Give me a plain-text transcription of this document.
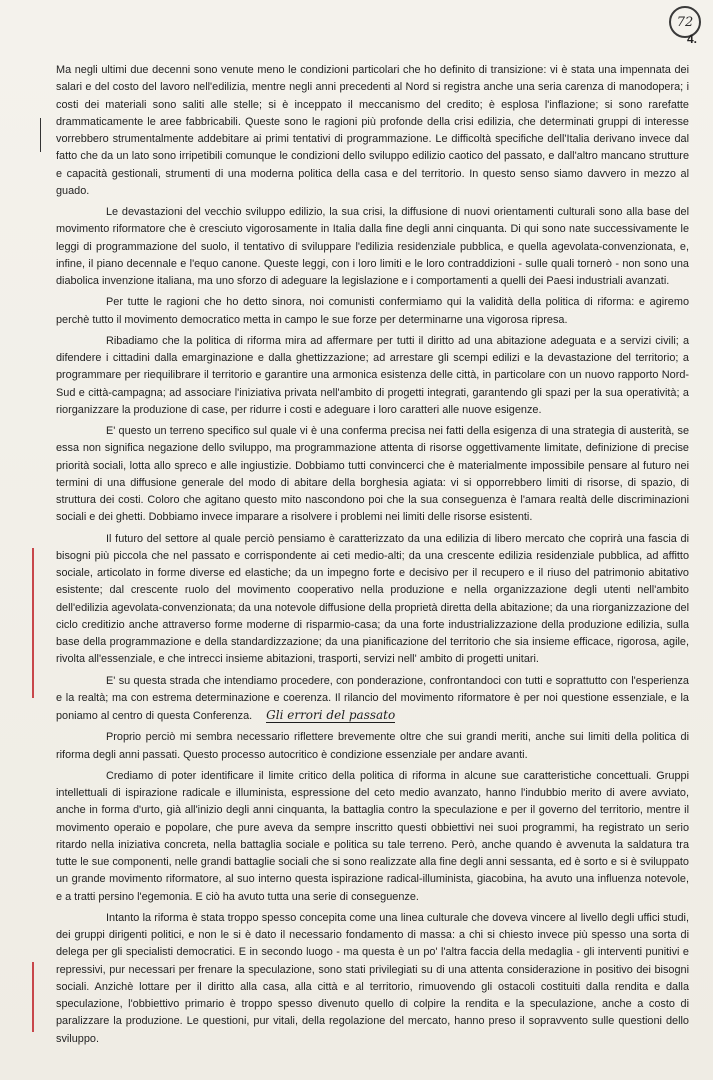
72
4.

Ma negli ultimi due decenni sono venute meno le condizioni particolari che ho definito di transizione: vi è stata una impennata dei salari e del costo del lavoro nell'edilizia, mentre negli anni precedenti al Nord si registra anche una seria carenza di manodopera; i costi dei materiali sono saliti alle stelle; si è inceppato il meccanismo del credito; è esplosa l'inflazione; si sono rarefatte drammaticamente le aree fabbricabili. Queste sono le ragioni più profonde della crisi edilizia, che determinati gruppi di interesse vorrebbero strumentalmente addebitare ai primi tentativi di programmazione. Le difficoltà specifiche dell'Italia derivano invece dal fatto che da un lato sono irripetibili comunque le condizioni dello sviluppo edilizio caotico del passato, e dall'altro mancano strutture e capacità gestionali, strumenti di una moderna politica della casa e del territorio. In questo senso siamo davvero in mezzo al guado.

Le devastazioni del vecchio sviluppo edilizio, la sua crisi, la diffusione di nuovi orientamenti culturali sono alla base del movimento riformatore che è cresciuto vigorosamente in Italia dalla fine degli anni cinquanta. Di qui sono nate successivamente le leggi di programmazione del suolo, il tentativo di sviluppare l'edilizia residenziale pubblica, e quella agevolata-convenzionata, e, infine, il piano decennale e l'equo canone. Queste leggi, con i loro limiti e le loro contraddizioni - sulle quali tornerò - non sono una diabolica invenzione italiana, ma uno sforzo di adeguare la legislazione e i comportamenti a quelli dei Paesi industriali avanzati.

Per tutte le ragioni che ho detto sinora, noi comunisti confermiamo qui la validità della politica di riforma: e agiremo perchè tutto il movimento democratico metta in campo le sue forze per determinarne una vigorosa ripresa.

Ribadiamo che la politica di riforma mira ad affermare per tutti il diritto ad una abitazione adeguata e a servizi civili; a difendere i cittadini dalla emarginazione e dalla ghettizzazione; ad arrestare gli scempi edilizi e la devastazione del territorio; a programmare per riequilibrare il territorio e garantire una armonica esistenza delle città, in particolare con un nuovo rapporto Nord-Sud e città-campagna; ad associare l'iniziativa privata nell'ambito di progetti integrati, garantendo gli spazi per la sua operatività; a riorganizzare la produzione di case, per ridurre i costi e adeguare i loro caratteri alle nuove esigenze.

E' questo un terreno specifico sul quale vi è una conferma precisa nei fatti della esigenza di una strategia di austerità, se essa non significa negazione dello sviluppo, ma programmazione attenta di risorse oggettivamente limitate, definizione di precise priorità sociali, lotta allo spreco e alle ingiustizie. Dobbiamo tutti convincerci che è materialmente impossibile pensare al futuro nei termini di una diffusione generale del modo di abitare della borghesia agiata: vi si opporrebbero limiti di risorse, di spazio, di struttura dei costi. Coloro che agitano questo mito nascondono poi che la sua conseguenza è l'amara realtà delle discriminazioni sociali e dei ghetti. Dobbiamo invece imparare a risolvere i problemi nei limiti delle risorse esistenti.

Il futuro del settore al quale perciò pensiamo è caratterizzato da una edilizia di libero mercato che coprirà una fascia di bisogni più piccola che nel passato e corrispondente ai ceti medio-alti; da una crescente edilizia residenziale pubblica, ad affitto sociale, articolato in forme diverse ed elastiche; da un impegno forte e decisivo per il recupero e il riuso del patrimonio abitativo esistente; dal crescente ruolo del movimento cooperativo nella produzione e nella organizzazione degli utenti nell'ambito dell'edilizia agevolata-convenzionata; da una notevole diffusione della proprietà diretta della abitazione; da una riorganizzazione del ciclo creditizio anche attraverso forme moderne di risparmio-casa; da una forte industrializzazione della produzione edilizia, sulla base della programmazione e della standardizzazione; da una pianificazione del territorio che sia insieme efficace, rigorosa, agile, rivolta all'essenziale, e che intrecci insieme abitazioni, trasporti, servizi nell' ambito di progetti unitari.

E' su questa strada che intendiamo procedere, con ponderazione, confrontandoci con tutti e soprattutto con l'esperienza e la realtà; ma con estrema determinazione e coerenza. Il rilancio del movimento riformatore è per noi questione essenziale, e la poniamo al centro di questa Conferenza. Gli errori del passato

Proprio perciò mi sembra necessario riflettere brevemente oltre che sui grandi meriti, anche sui limiti della politica di riforma degli anni passati. Questo processo autocritico è condizione essenziale per andare avanti.

Crediamo di poter identificare il limite critico della politica di riforma in alcune sue caratteristiche concettuali. Gruppi intellettuali di ispirazione radicale e illuminista, espressione del ceto medio avanzato, hanno l'indubbio merito di avere avviato, anche in forma d'urto, già all'inizio degli anni cinquanta, la battaglia contro la speculazione e per il governo del territorio, mentre il movimento operaio e popolare, che pure aveva da sempre inscritto questi obbiettivi nei suoi programmi, ha registrato un serio ritardo nella iniziativa concreta, nella battaglia sociale e politica su tale terreno. Però, anche quando è avvenuta la saldatura tra tutte le sue componenti, nelle grandi battaglie sociali che si sono realizzate alla fine degli anni sessanta, ed è sorto e si è sviluppato un grande movimento riformatore, al suo interno questa ispirazione radical-illuminista, giacobina, ha avuto una influenza notevole, e a tratti persino l'egemonia. E ciò ha avuto tutta una serie di conseguenze.

Intanto la riforma è stata troppo spesso concepita come una linea culturale che doveva vincere al livello degli uffici studi, dei gruppi dirigenti politici, e non le si è dato il necessario fondamento di massa: a chi si chiesto invece più spesso una sorta di delega per gli specialisti democratici. E in secondo luogo - ma questa è un po' l'altra faccia della medaglia - gli interventi punitivi e repressivi, pur necessari per frenare la speculazione, sono stati privilegiati su di una attenta considerazione in positivo dei bisogni sociali. Anzichè lottare per il diritto alla casa, alla città e al territorio, rimuovendo gli ostacoli costituiti dalla rendita e dalla speculazione, l'obbiettivo primario è troppo spesso divenuto quello di colpire la rendita e la speculazione, anche a costo di paralizzare la produzione. Le questioni, pur vitali, della regolazione del mercato, hanno preso il sopravvento sulle questioni dello sviluppo.
